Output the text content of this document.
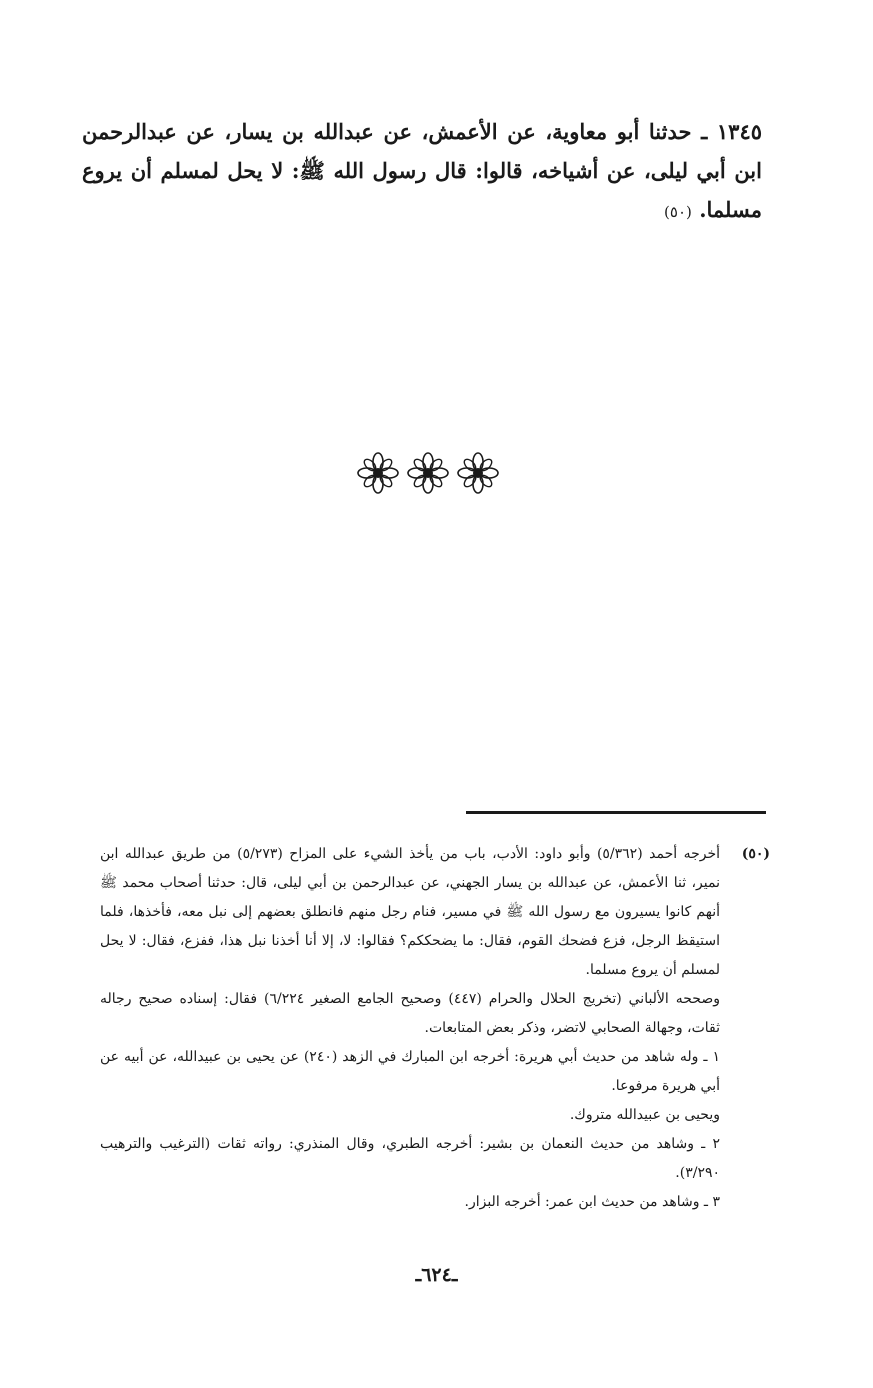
١٣٤٥ ـ حدثنا أبو معاوية، عن الأعمش، عن عبدالله بن يسار، عن عبدالرحمن ابن أبي ليلى، عن أشياخه، قالوا: قال رسول الله ﷺ: لا يحل لمسلم أن يروع مسلما. (٥٠)

(٥٠)
أخرجه أحمد (٥/٣٦٢) وأبو داود: الأدب، باب من يأخذ الشيء على المزاح (٥/٢٧٣) من طريق عبدالله ابن نمير، ثنا الأعمش، عن عبدالله بن يسار الجهني، عن عبدالرحمن بن أبي ليلى، قال: حدثنا أصحاب محمد ﷺ أنهم كانوا يسيرون مع رسول الله ﷺ في مسير، فنام رجل منهم فانطلق بعضهم إلى نبل معه، فأخذها، فلما استيقظ الرجل، فزع فضحك القوم، فقال: ما يضحككم؟ فقالوا: لا، إلا أنا أخذنا نبل هذا، ففزع، فقال: لا يحل لمسلم أن يروع مسلما.

وصححه الألباني (تخريج الحلال والحرام (٤٤٧) وصحيح الجامع الصغير ٦/٢٢٤) فقال: إسناده صحيح رجاله ثقات، وجهالة الصحابي لاتضر، وذكر بعض المتابعات.

١ ـ وله شاهد من حديث أبي هريرة: أخرجه ابن المبارك في الزهد (٢٤٠) عن يحيى بن عبيدالله، عن أبيه عن أبي هريرة مرفوعا.

ويحيى بن عبيدالله متروك.

٢ ـ وشاهد من حديث النعمان بن بشير: أخرجه الطبري، وقال المنذري: رواته ثقات (الترغيب والترهيب ٣/٢٩٠).

٣ ـ وشاهد من حديث ابن عمر: أخرجه البزار.

ـ٦٢٤ـ
